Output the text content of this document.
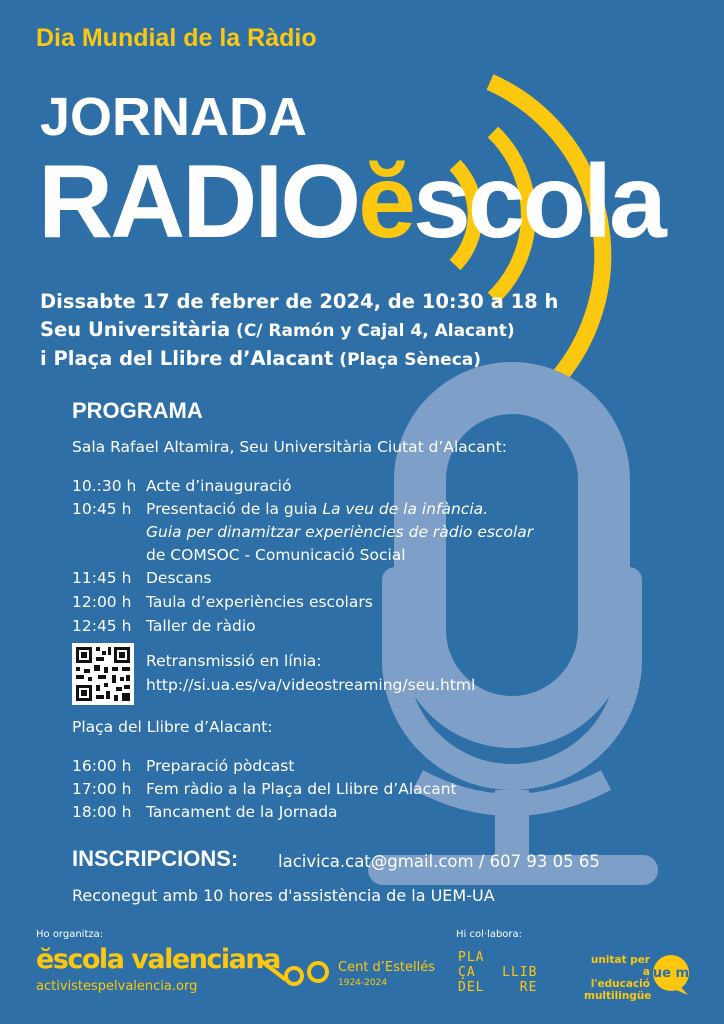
Dia Mundial de la Ràdio
JORNADA
RADIOĕscola
Dissabte 17 de febrer de 2024, de 10:30 a 18 h
Seu Universitària (C/ Ramón y Cajal 4, Alacant)
i Plaça del Llibre d’Alacant (Plaça Sèneca)
PROGRAMA
Sala Rafael Altamira, Seu Universitària Ciutat d’Alacant:
10.:30 h Acte d’inauguració
10:45 h Presentació de la guia La veu de la infància.
Guia per dinamitzar experiències de ràdio escolar
de COMSOC - Comunicació Social
11:45 h Descans
12:00 h Taula d’experiències escolars
12:45 h Taller de ràdio
Retransmissió en línia:
http://si.ua.es/va/videostreaming/seu.html
Plaça del Llibre d’Alacant:
16:00 h Preparació pòdcast
17:00 h Fem ràdio a la Plaça del Llibre d’Alacant
18:00 h Tancament de la Jornada
INSCRIPCIONS: lacivica.cat@gmail.com / 607 93 05 65
Reconegut amb 10 hores d'assistència de la UEM-UA
Ho organitza:
ĕscola valenciana
activistespelvalencia.org
Cent d’Estellés
1924-2024
Hi col·labora:
PLA
ÇA   LLIB
DEL    RE
unitat per a l'educació multilingüe
ue m
